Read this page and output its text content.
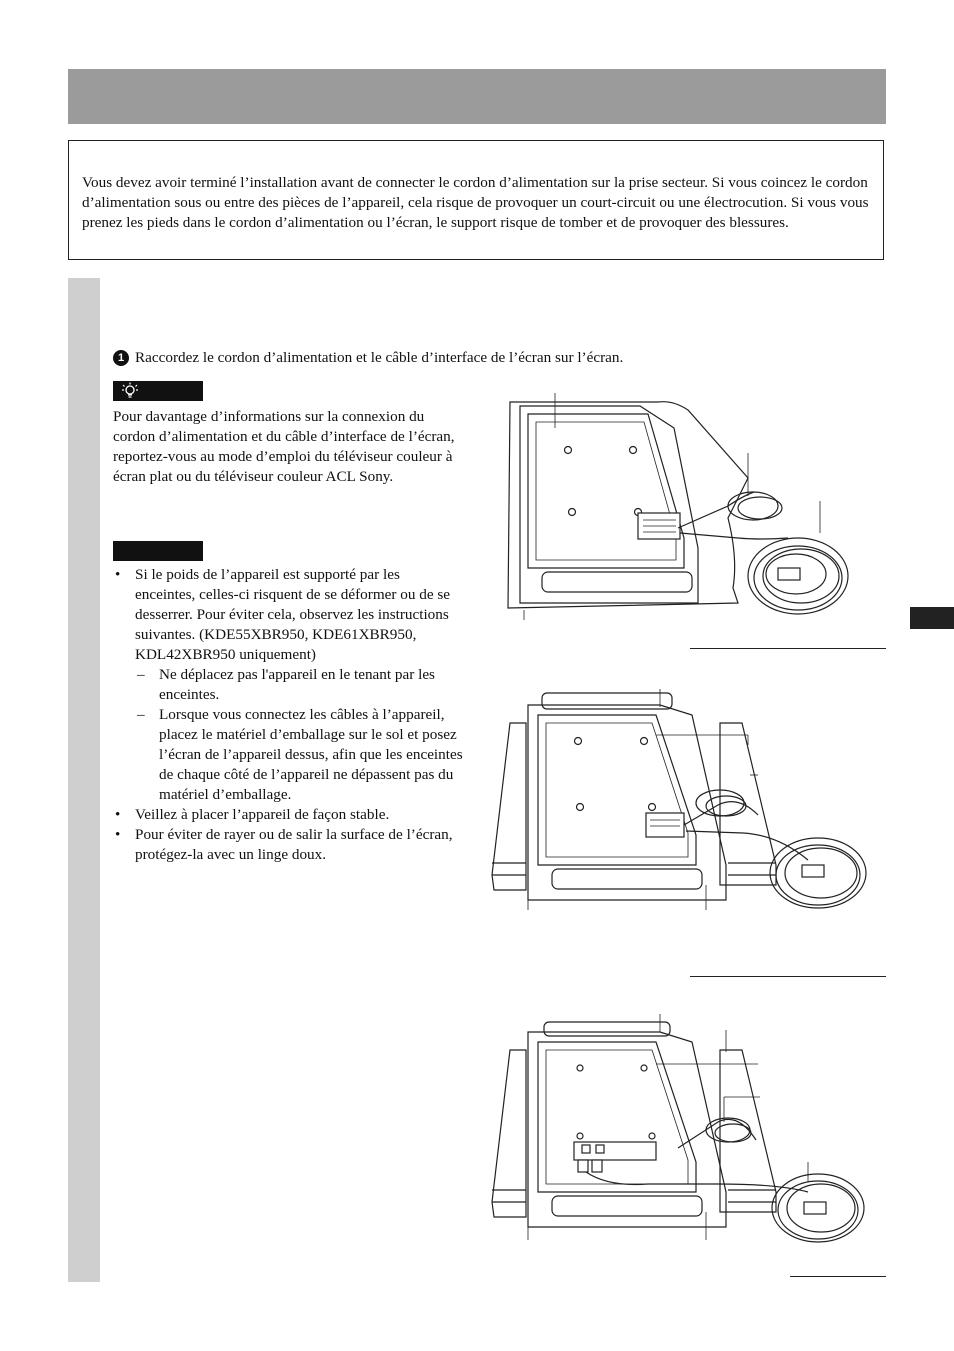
Vous devez avoir terminé l’installation avant de connecter le cordon d’alimentation sur la prise secteur. Si vous coincez le cordon d’alimentation sous ou entre des pièces de l’appareil, cela risque de provoquer un court-circuit ou une électrocution. Si vous vous prenez les pieds dans le cordon d’alimentation ou l’écran, le support risque de tomber et de provoquer des blessures.
1 Raccordez le cordon d’alimentation et le câble d’interface de l’écran sur l’écran.
Pour davantage d’informations sur la connexion du cordon d’alimentation et du câble d’interface de l’écran, reportez-vous au mode d’emploi du téléviseur couleur à écran plat ou du téléviseur couleur ACL Sony.
• Si le poids de l’appareil est supporté par les enceintes, celles-ci risquent de se déformer ou de se desserrer. Pour éviter cela, observez les instructions suivantes. (KDE55XBR950, KDE61XBR950, KDL42XBR950 uniquement)
– Ne déplacez pas l'appareil en le tenant par les enceintes.
– Lorsque vous connectez les câbles à l’appareil, placez le matériel d’emballage sur le sol et posez l’écran de l’appareil dessus, afin que les enceintes de chaque côté de l’appareil ne dépassent pas du matériel d’emballage.
• Veillez à placer l’appareil de façon stable.
• Pour éviter de rayer ou de salir la surface de l’écran, protégez-la avec un linge doux.
